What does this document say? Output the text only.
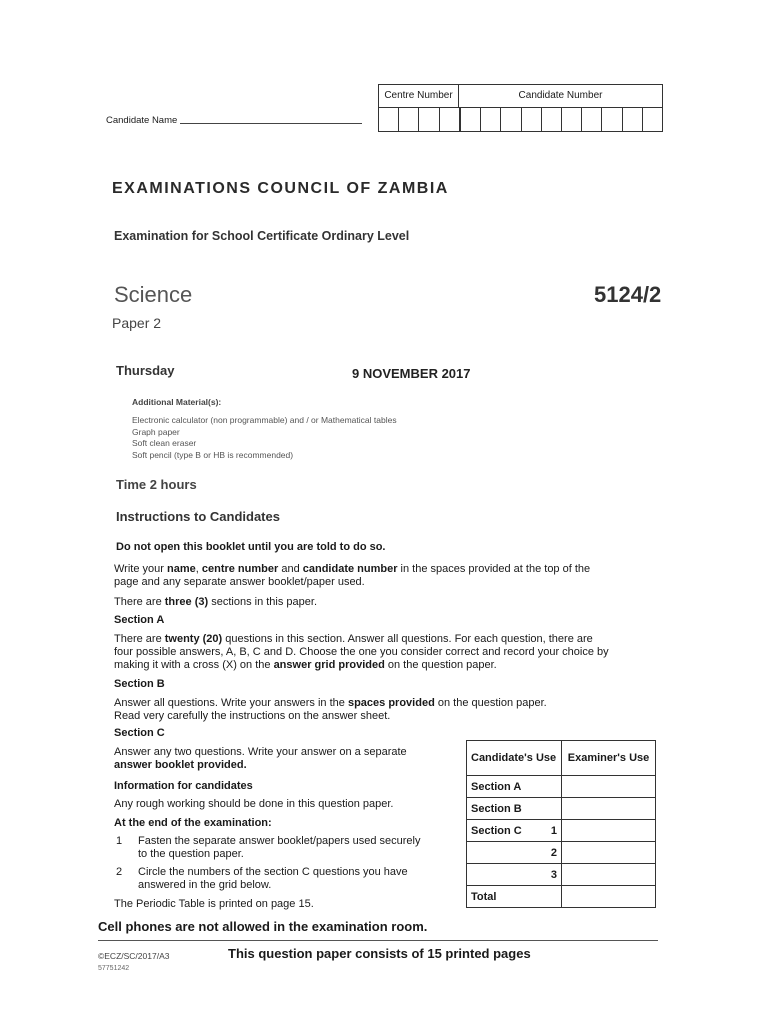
Candidate Name
Centre Number	Candidate Number
EXAMINATIONS COUNCIL OF ZAMBIA
Examination for School Certificate Ordinary Level
Science	5124/2
Paper 2
Thursday	9 NOVEMBER 2017
Additional Material(s):
Electronic calculator (non programmable) and / or Mathematical tables
Graph paper
Soft clean eraser
Soft pencil (type B or HB is recommended)
Time 2 hours
Instructions to Candidates
Do not open this booklet until you are told to do so.
Write your name, centre number and candidate number in the spaces provided at the top of the
page and any separate answer booklet/paper used.
There are three (3) sections in this paper.
Section A
There are twenty (20) questions in this section. Answer all questions. For each question, there are
four possible answers, A, B, C and D. Choose the one you consider correct and record your choice by
making it with a cross (X) on the answer grid provided on the question paper.
Section B
Answer all questions. Write your answers in the spaces provided on the question paper.
Read very carefully the instructions on the answer sheet.
Section C
Answer any two questions. Write your answer on a separate
answer booklet provided.
Information for candidates
Any rough working should be done in this question paper.
At the end of the examination:
1 Fasten the separate answer booklet/papers used securely
to the question paper.
2 Circle the numbers of the section C questions you have
answered in the grid below.
The Periodic Table is printed on page 15.
Cell phones are not allowed in the examination room.
Candidate's Use	Examiner's Use
Section A	
Section B	
Section C 1	

2	

3	

Total	
©ECZ/SC/2017/A3
57751242
This question paper consists of 15 printed pages
